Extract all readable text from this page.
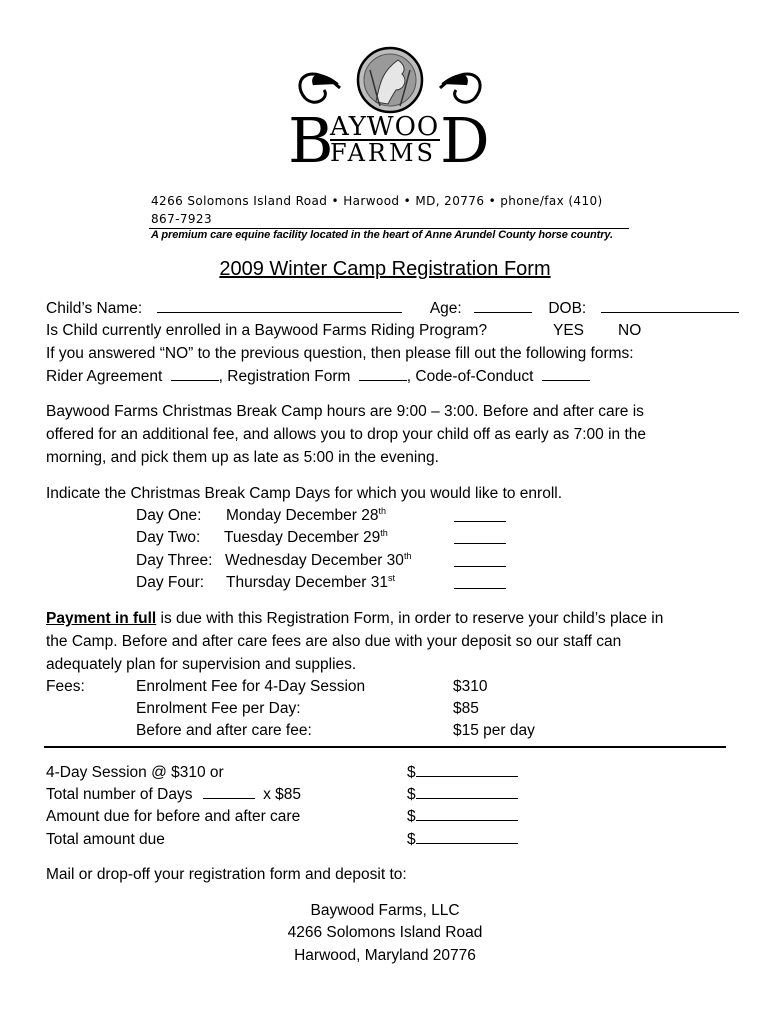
B
AYWOO
FARMS D
4266 Solomons Island Road • Harwood • MD, 20776 • phone/fax (410) 867-7923
A premium care equine facility located in the heart of Anne Arundel County horse country.
2009 Winter Camp Registration Form
Child’s Name:	Age:	DOB:
Is Child currently enrolled in a Baywood Farms Riding Program?	YES NO
If you answered “NO” to the previous question, then please fill out the following forms:
Rider Agreement	, Registration Form	, Code-of-Conduct
Baywood Farms Christmas Break Camp hours are 9:00 – 3:00. Before and after care is
offered for an additional fee, and allows you to drop your child off as early as 7:00 in the
morning, and pick them up as late as 5:00 in the evening.
Indicate the Christmas Break Camp Days for which you would like to enroll.
Day One: Monday December 28th
Day Two: Tuesday December 29th
Day Three: Wednesday December 30th
Day Four: Thursday December 31st
Payment in full is due with this Registration Form, in order to reserve your child’s place in
the Camp. Before and after care fees are also due with your deposit so our staff can
adequately plan for supervision and supplies.
Fees:	Enrolment Fee for 4-Day Session	$310
Enrolment Fee per Day:	$85
Before and after care fee:	$15 per day
4-Day Session @ $310 or	$
Total number of Days	x $85	$
Amount due for before and after care	$
Total amount due	$
Mail or drop-off your registration form and deposit to:
Baywood Farms, LLC
4266 Solomons Island Road
Harwood, Maryland 20776
